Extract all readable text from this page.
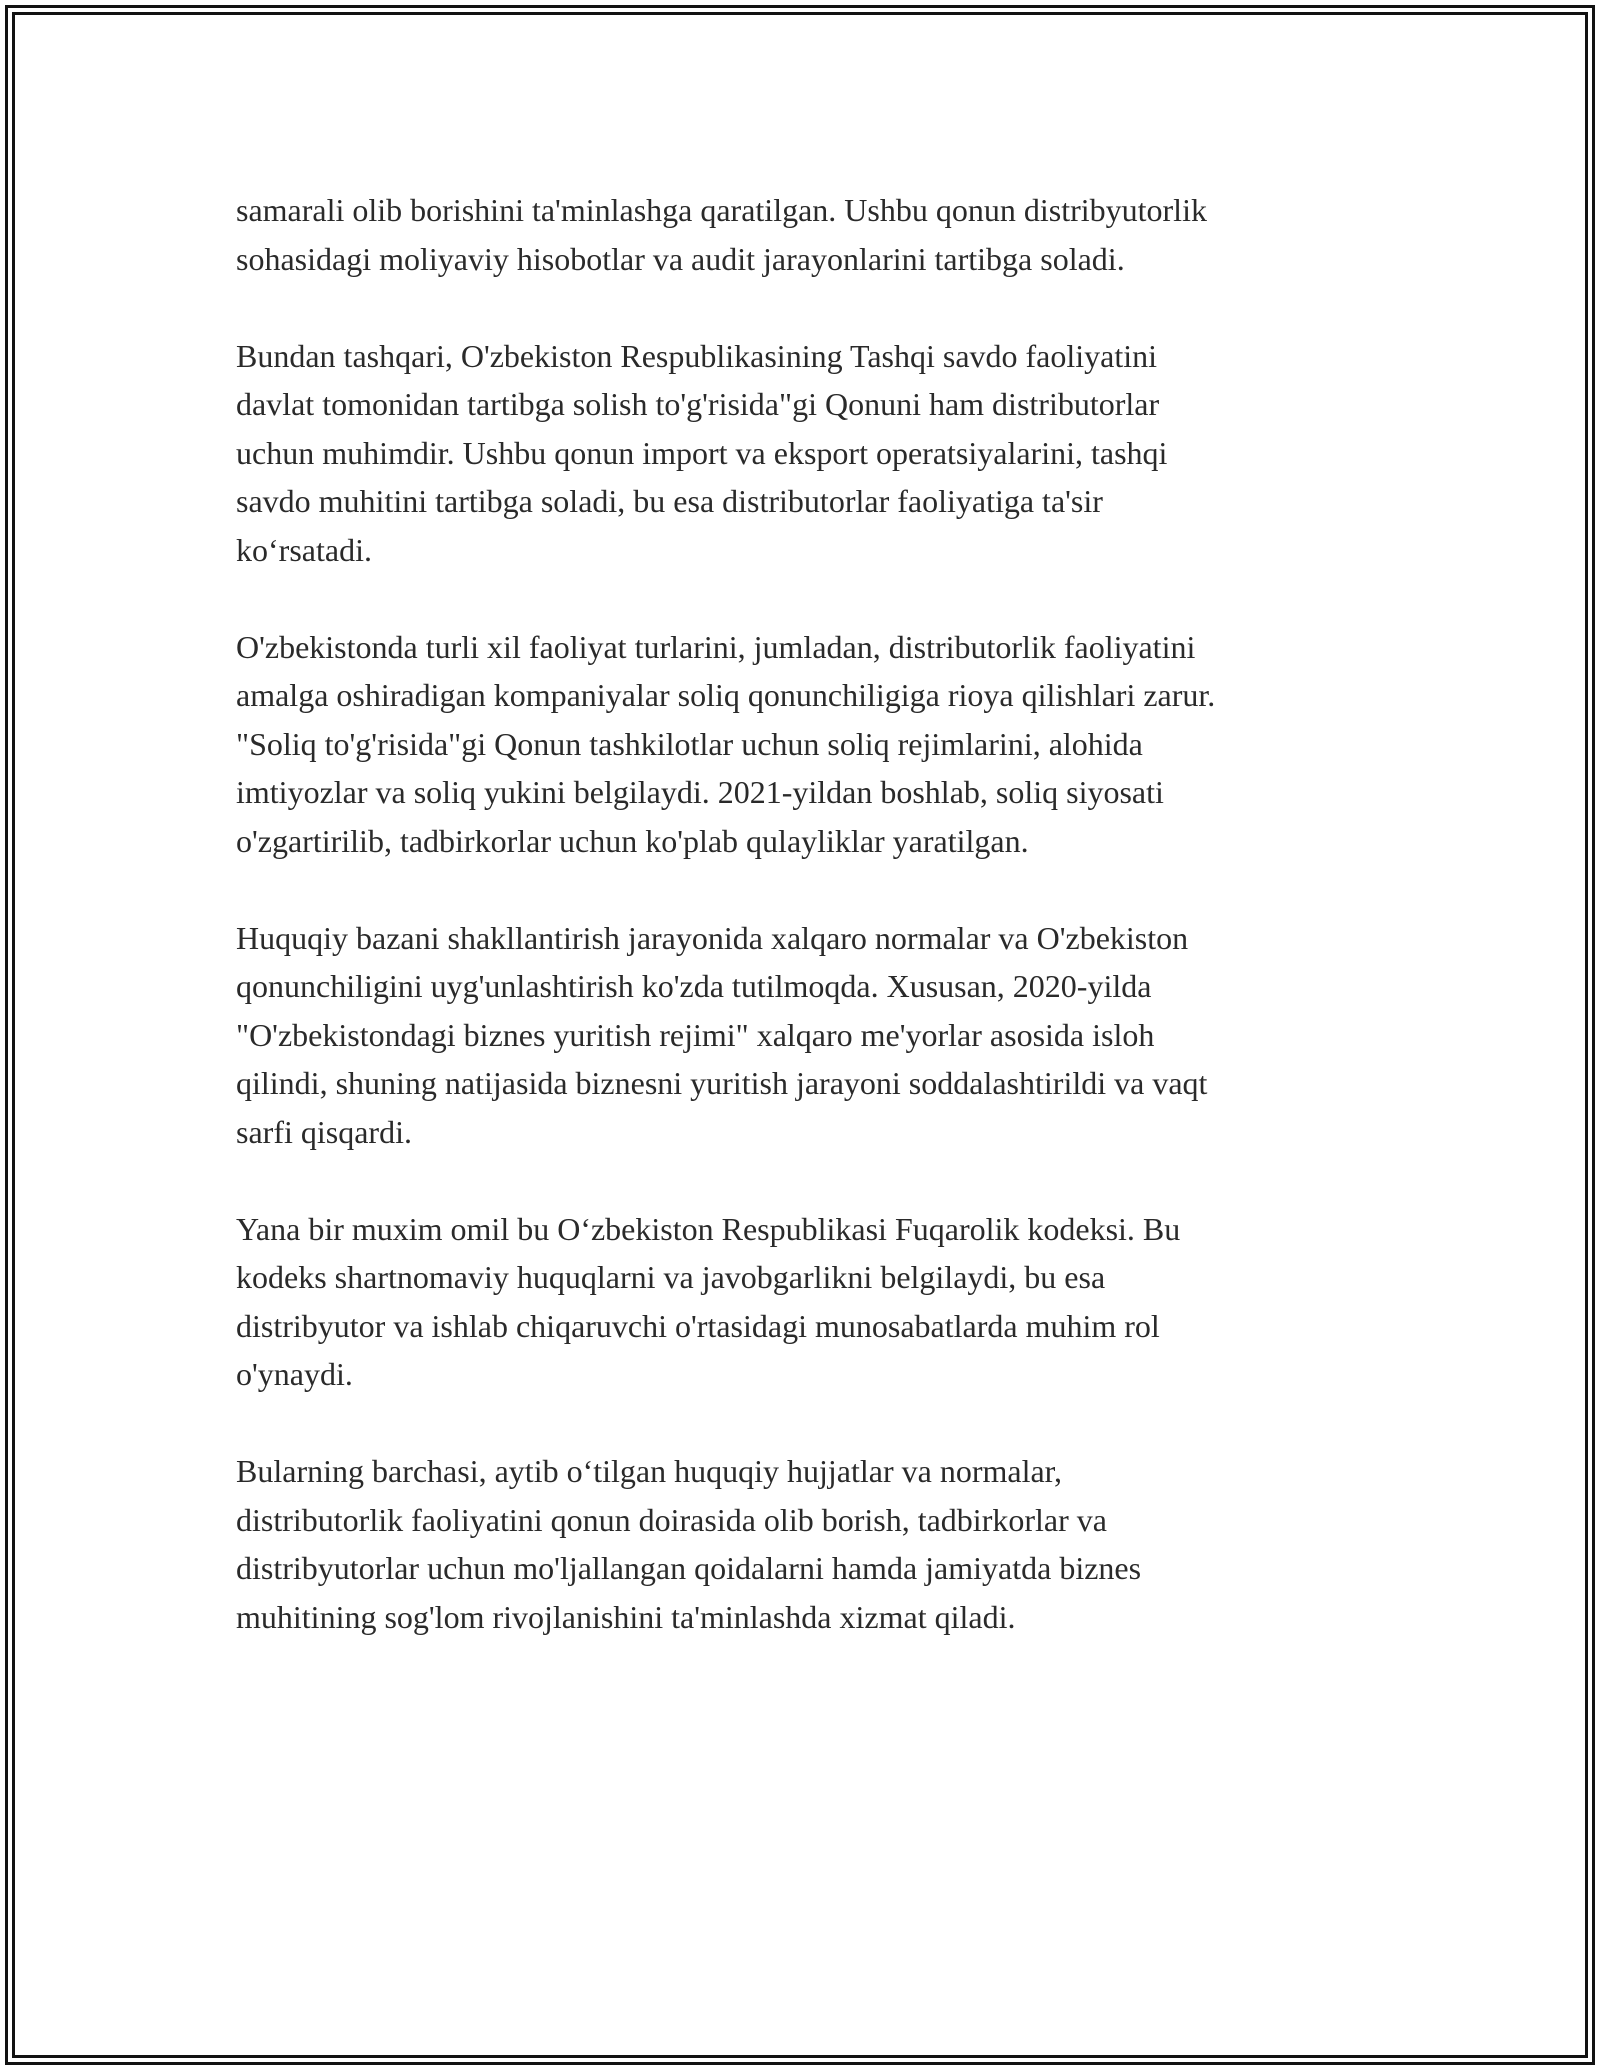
samarali olib borishini ta'minlashga qaratilgan. Ushbu qonun distribyutorlik
sohasidagi moliyaviy hisobotlar va audit jarayonlarini tartibga soladi.

Bundan tashqari, O'zbekiston Respublikasining Tashqi savdo faoliyatini
davlat tomonidan tartibga solish to'g'risida"gi Qonuni ham distributorlar
uchun muhimdir. Ushbu qonun import va eksport operatsiyalarini, tashqi
savdo muhitini tartibga soladi, bu esa distributorlar faoliyatiga ta'sir
ko‘rsatadi.

O'zbekistonda turli xil faoliyat turlarini, jumladan, distributorlik faoliyatini
amalga oshiradigan kompaniyalar soliq qonunchiligiga rioya qilishlari zarur.
"Soliq to'g'risida"gi Qonun tashkilotlar uchun soliq rejimlarini, alohida
imtiyozlar va soliq yukini belgilaydi. 2021-yildan boshlab, soliq siyosati
o'zgartirilib, tadbirkorlar uchun ko'plab qulayliklar yaratilgan.

Huquqiy bazani shakllantirish jarayonida xalqaro normalar va O'zbekiston
qonunchiligini uyg'unlashtirish ko'zda tutilmoqda. Xususan, 2020-yilda
"O'zbekistondagi biznes yuritish rejimi" xalqaro me'yorlar asosida isloh
qilindi, shuning natijasida biznesni yuritish jarayoni soddalashtirildi va vaqt
sarfi qisqardi.

Yana bir muxim omil bu O‘zbekiston Respublikasi Fuqarolik kodeksi. Bu
kodeks shartnomaviy huquqlarni va javobgarlikni belgilaydi, bu esa
distribyutor va ishlab chiqaruvchi o'rtasidagi munosabatlarda muhim rol
o'ynaydi.

Bularning barchasi, aytib o‘tilgan huquqiy hujjatlar va normalar,
distributorlik faoliyatini qonun doirasida olib borish, tadbirkorlar va
distribyutorlar uchun mo'ljallangan qoidalarni hamda jamiyatda biznes
muhitining sog'lom rivojlanishini ta'minlashda xizmat qiladi.
